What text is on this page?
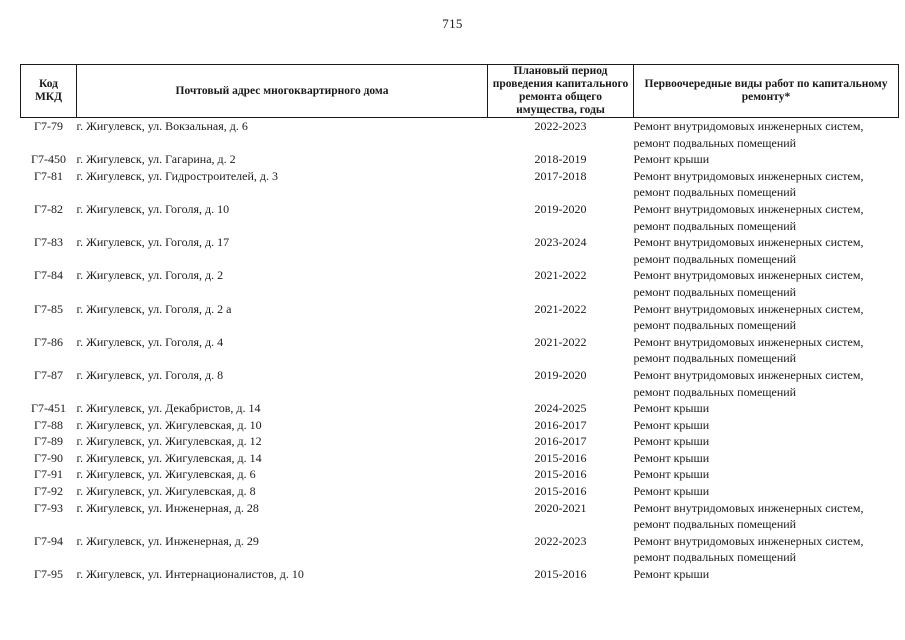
715
Код МКД	Почтовый адрес многоквартирного дома	Плановый период проведения капитального ремонта общего имущества, годы	Первоочередные виды работ по капитальному ремонту*
Г7-79	г. Жигулевск, ул. Вокзальная, д. 6	2022-2023	Ремонт внутридомовых инженерных систем, ремонт подвальных помещений
Г7-450	г. Жигулевск, ул. Гагарина, д. 2	2018-2019	Ремонт крыши
Г7-81	г. Жигулевск, ул. Гидростроителей, д. 3	2017-2018	Ремонт внутридомовых инженерных систем, ремонт подвальных помещений
Г7-82	г. Жигулевск, ул. Гоголя, д. 10	2019-2020	Ремонт внутридомовых инженерных систем, ремонт подвальных помещений
Г7-83	г. Жигулевск, ул. Гоголя, д. 17	2023-2024	Ремонт внутридомовых инженерных систем, ремонт подвальных помещений
Г7-84	г. Жигулевск, ул. Гоголя, д. 2	2021-2022	Ремонт внутридомовых инженерных систем, ремонт подвальных помещений
Г7-85	г. Жигулевск, ул. Гоголя, д. 2 а	2021-2022	Ремонт внутридомовых инженерных систем, ремонт подвальных помещений
Г7-86	г. Жигулевск, ул. Гоголя, д. 4	2021-2022	Ремонт внутридомовых инженерных систем, ремонт подвальных помещений
Г7-87	г. Жигулевск, ул. Гоголя, д. 8	2019-2020	Ремонт внутридомовых инженерных систем, ремонт подвальных помещений
Г7-451	г. Жигулевск, ул. Декабристов, д. 14	2024-2025	Ремонт крыши
Г7-88	г. Жигулевск, ул. Жигулевская, д. 10	2016-2017	Ремонт крыши
Г7-89	г. Жигулевск, ул. Жигулевская, д. 12	2016-2017	Ремонт крыши
Г7-90	г. Жигулевск, ул. Жигулевская, д. 14	2015-2016	Ремонт крыши
Г7-91	г. Жигулевск, ул. Жигулевская, д. 6	2015-2016	Ремонт крыши
Г7-92	г. Жигулевск, ул. Жигулевская, д. 8	2015-2016	Ремонт крыши
Г7-93	г. Жигулевск, ул. Инженерная, д. 28	2020-2021	Ремонт внутридомовых инженерных систем, ремонт подвальных помещений
Г7-94	г. Жигулевск, ул. Инженерная, д. 29	2022-2023	Ремонт внутридомовых инженерных систем, ремонт подвальных помещений
Г7-95	г. Жигулевск, ул. Интернационалистов, д. 10	2015-2016	Ремонт крыши
